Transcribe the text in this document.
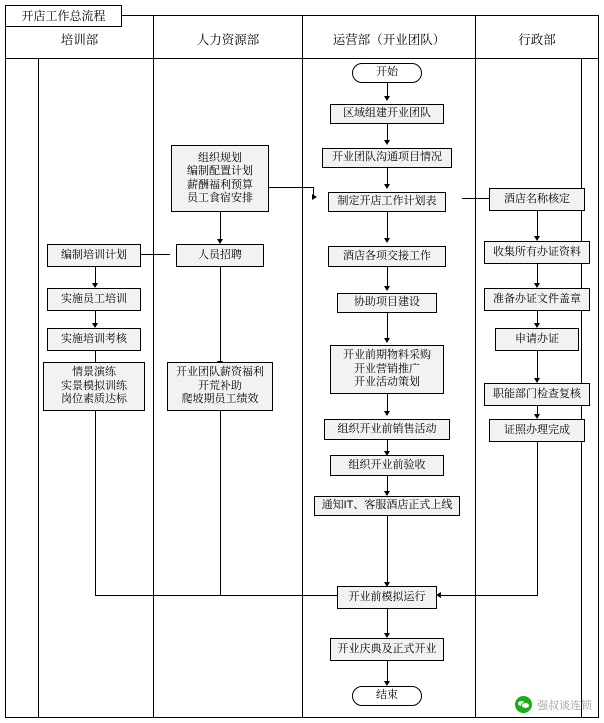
开店工作总流程
培训部	人力资源部	运营部（开业团队）	行政部
开始
区域组建开业团队
开业团队沟通项目情况
制定开店工作计划表
酒店各项交接工作
协助项目建设
开业前期物料采购
开业营销推广
开业活动策划
组织开业前销售活动
组织开业前验收
通知IT、客服酒店正式上线
开业前模拟运行
开业庆典及正式开业
结束
组织规划
编制配置计划
薪酬福利预算
员工食宿安排
人员招聘
开业团队薪资福利
开荒补助
爬坡期员工绩效
编制培训计划
实施员工培训
实施培训考核
情景演练
实景模拟训练
岗位素质达标
酒店名称核定
收集所有办证资料
准备办证文件盖章
申请办证
职能部门检查复核
证照办理完成
强叔谈连锁
